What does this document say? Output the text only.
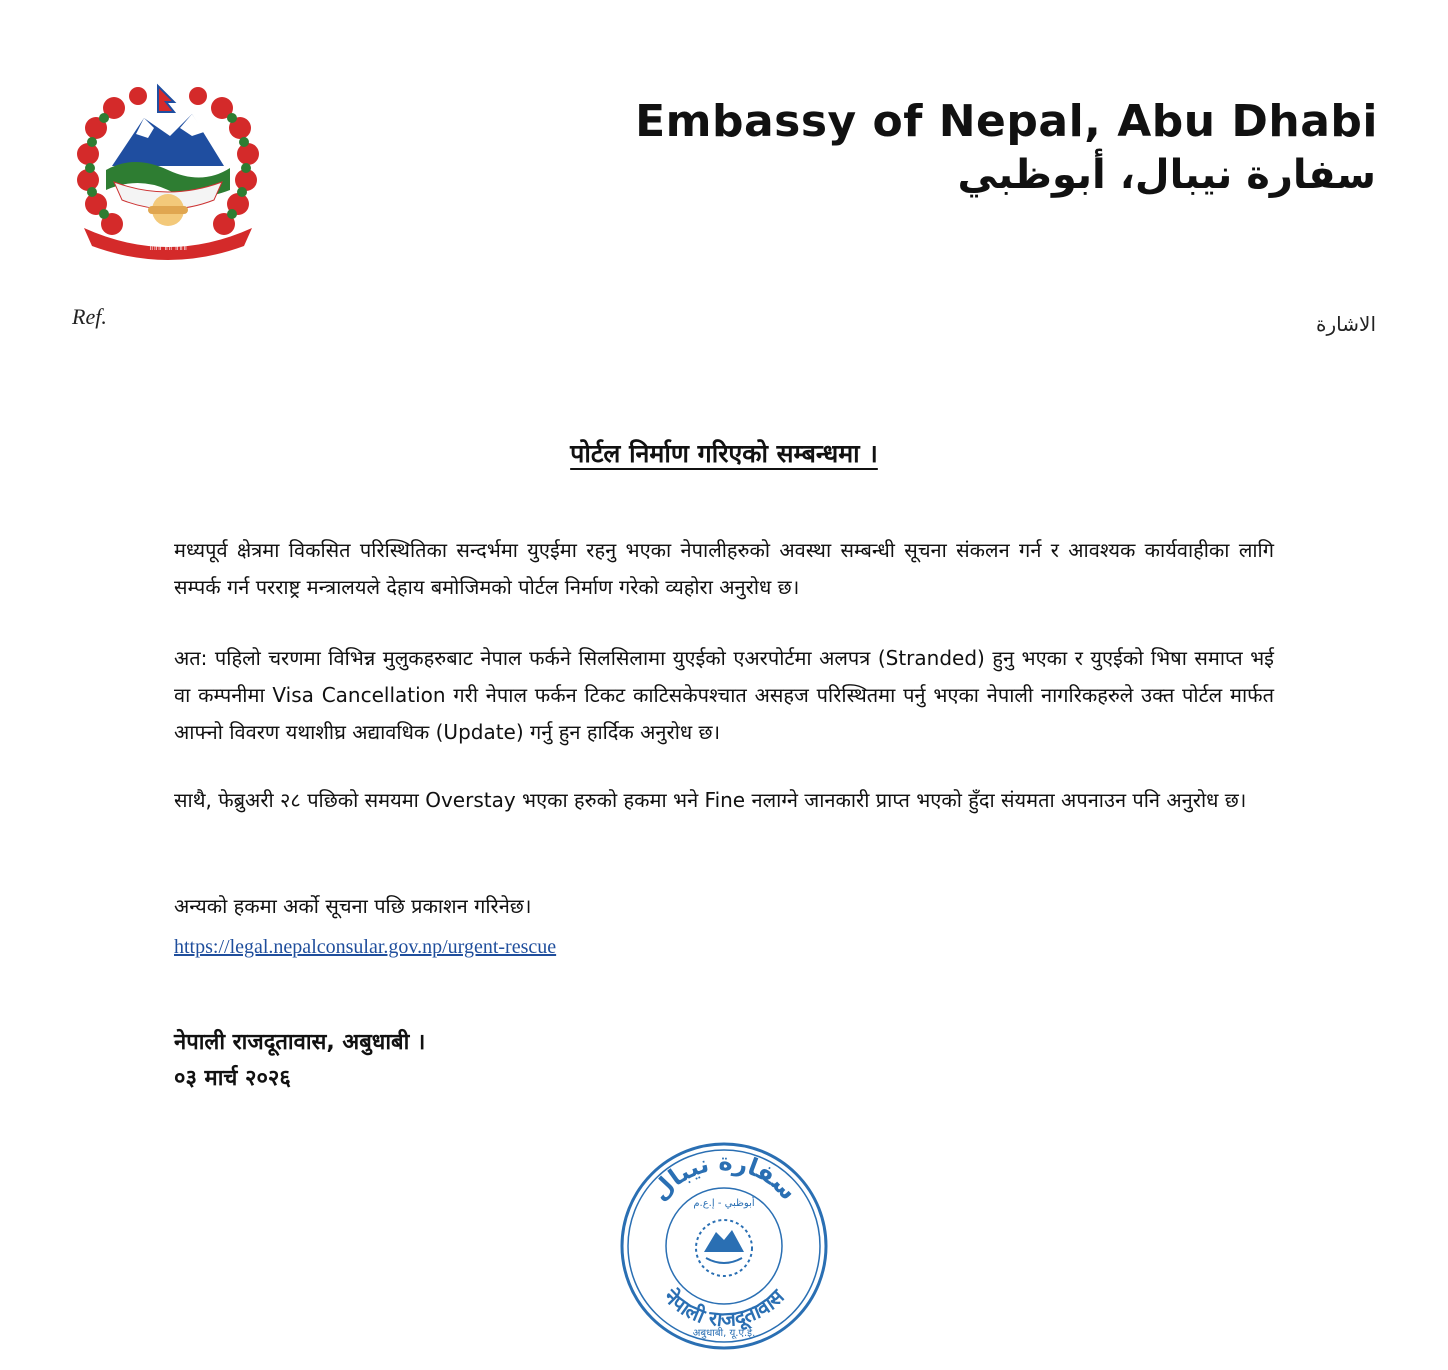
॥॥॥ ॥॥ ॥॥॥
Embassy of Nepal, Abu Dhabi
سفارة نيبال، أبوظبي
Ref.	الاشارة
पोर्टल निर्माण गरिएको सम्बन्धमा ।

मध्यपूर्व क्षेत्रमा विकसित परिस्थितिका सन्दर्भमा युएईमा रहनु भएका नेपालीहरुको अवस्था सम्बन्धी सूचना संकलन गर्न र आवश्यक कार्यवाहीका लागि सम्पर्क गर्न परराष्ट्र मन्त्रालयले देहाय बमोजिमको पोर्टल निर्माण गरेको व्यहोरा अनुरोध छ।

अत: पहिलो चरणमा विभिन्न मुलुकहरुबाट नेपाल फर्कने सिलसिलामा युएईको एअरपोर्टमा अलपत्र (Stranded) हुनु भएका र युएईको भिषा समाप्त भई वा कम्पनीमा Visa Cancellation गरी नेपाल फर्कन टिकट काटिसकेपश्चात असहज परिस्थितमा पर्नु भएका नेपाली नागरिकहरुले उक्त पोर्टल मार्फत आफ्नो विवरण यथाशीघ्र अद्यावधिक (Update) गर्नु हुन हार्दिक अनुरोध छ।

साथै, फेब्रुअरी २८ पछिको समयमा Overstay भएका हरुको हकमा भने Fine नलाग्ने जानकारी प्राप्त भएको हुँदा संयमता अपनाउन पनि अनुरोध छ।

अन्यको हकमा अर्को सूचना पछि प्रकाशन गरिनेछ।

https://legal.nepalconsular.gov.np/urgent-rescue
नेपाली राजदूतावास, अबुधाबी ।
०३ मार्च २०२६
سفارة نيبال
أبوظبي - إ.ع.م
नेपाली राजदूतावास
अबुधाबी, यू.ए.ई.
